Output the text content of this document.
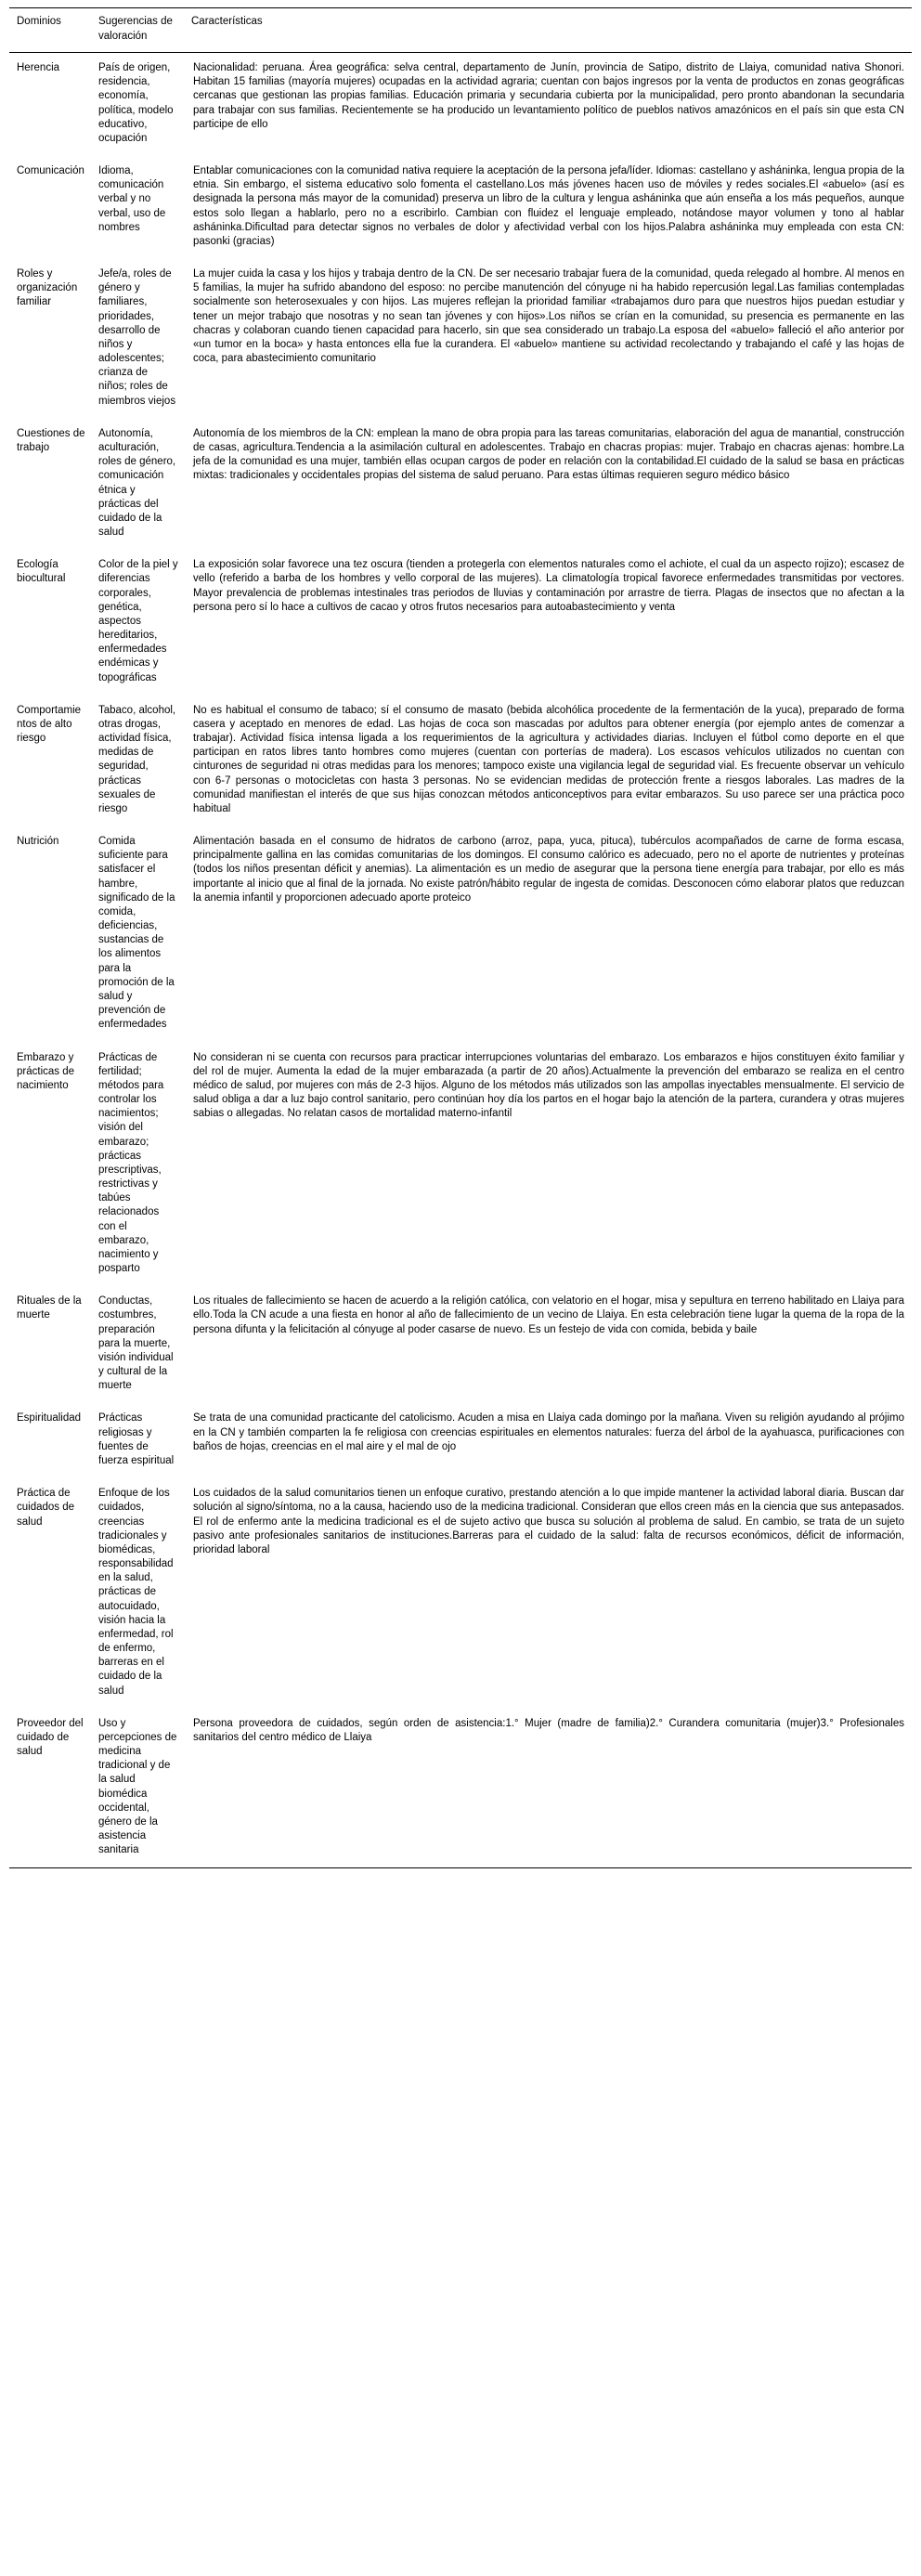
Dominios	Sugerencias de valoración	Características
Herencia	País de origen, residencia, economía, política, modelo educativo, ocupación	Nacionalidad: peruana. Área geográfica: selva central, departamento de Junín, provincia de Satipo, distrito de Llaiya, comunidad nativa Shonori. Habitan 15 familias (mayoría mujeres) ocupadas en la actividad agraria; cuentan con bajos ingresos por la venta de productos en zonas geográficas cercanas que gestionan las propias familias. Educación primaria y secundaria cubierta por la municipalidad, pero pronto abandonan la secundaria para trabajar con sus familias. Recientemente se ha producido un levantamiento político de pueblos nativos amazónicos en el país sin que esta CN participe de ello
Comunicación	Idioma, comunicación verbal y no verbal, uso de nombres	Entablar comunicaciones con la comunidad nativa requiere la aceptación de la persona jefa/líder. Idiomas: castellano y asháninka, lengua propia de la etnia. Sin embargo, el sistema educativo solo fomenta el castellano.Los más jóvenes hacen uso de móviles y redes sociales.El «abuelo» (así es designada la persona más mayor de la comunidad) preserva un libro de la cultura y lengua asháninka que aún enseña a los más pequeños, aunque estos solo llegan a hablarlo, pero no a escribirlo. Cambian con fluidez el lenguaje empleado, notándose mayor volumen y tono al hablar asháninka.Dificultad para detectar signos no verbales de dolor y afectividad verbal con los hijos.Palabra asháninka muy empleada con esta CN: pasonki (gracias)
Roles y organización familiar	Jefe/a, roles de género y familiares, prioridades, desarrollo de niños y adolescentes; crianza de niños; roles de miembros viejos	La mujer cuida la casa y los hijos y trabaja dentro de la CN. De ser necesario trabajar fuera de la comunidad, queda relegado al hombre. Al menos en 5 familias, la mujer ha sufrido abandono del esposo: no percibe manutención del cónyuge ni ha habido repercusión legal.Las familias contempladas socialmente son heterosexuales y con hijos. Las mujeres reflejan la prioridad familiar «trabajamos duro para que nuestros hijos puedan estudiar y tener un mejor trabajo que nosotras y no sean tan jóvenes y con hijos».Los niños se crían en la comunidad, su presencia es permanente en las chacras y colaboran cuando tienen capacidad para hacerlo, sin que sea considerado un trabajo.La esposa del «abuelo» falleció el año anterior por «un tumor en la boca» y hasta entonces ella fue la curandera. El «abuelo» mantiene su actividad recolectando y trabajando el café y las hojas de coca, para abastecimiento comunitario
Cuestiones de trabajo	Autonomía, aculturación, roles de género, comunicación étnica y prácticas del cuidado de la salud	Autonomía de los miembros de la CN: emplean la mano de obra propia para las tareas comunitarias, elaboración del agua de manantial, construcción de casas, agricultura.Tendencia a la asimilación cultural en adolescentes. Trabajo en chacras propias: mujer. Trabajo en chacras ajenas: hombre.La jefa de la comunidad es una mujer, también ellas ocupan cargos de poder en relación con la contabilidad.El cuidado de la salud se basa en prácticas mixtas: tradicionales y occidentales propias del sistema de salud peruano. Para estas últimas requieren seguro médico básico
Ecología biocultural	Color de la piel y diferencias corporales, genética, aspectos hereditarios, enfermedades endémicas y topográficas	La exposición solar favorece una tez oscura (tienden a protegerla con elementos naturales como el achiote, el cual da un aspecto rojizo); escasez de vello (referido a barba de los hombres y vello corporal de las mujeres). La climatología tropical favorece enfermedades transmitidas por vectores. Mayor prevalencia de problemas intestinales tras periodos de lluvias y contaminación por arrastre de tierra. Plagas de insectos que no afectan a la persona pero sí lo hace a cultivos de cacao y otros frutos necesarios para autoabastecimiento y venta
Comportamientos de alto riesgo	Tabaco, alcohol, otras drogas, actividad física, medidas de seguridad, prácticas sexuales de riesgo	No es habitual el consumo de tabaco; sí el consumo de masato (bebida alcohólica procedente de la fermentación de la yuca), preparado de forma casera y aceptado en menores de edad. Las hojas de coca son mascadas por adultos para obtener energía (por ejemplo antes de comenzar a trabajar). Actividad física intensa ligada a los requerimientos de la agricultura y actividades diarias. Incluyen el fútbol como deporte en el que participan en ratos libres tanto hombres como mujeres (cuentan con porterías de madera). Los escasos vehículos utilizados no cuentan con cinturones de seguridad ni otras medidas para los menores; tampoco existe una vigilancia legal de seguridad vial. Es frecuente observar un vehículo con 6-7 personas o motocicletas con hasta 3 personas. No se evidencian medidas de protección frente a riesgos laborales. Las madres de la comunidad manifiestan el interés de que sus hijas conozcan métodos anticonceptivos para evitar embarazos. Su uso parece ser una práctica poco habitual
Nutrición	Comida suficiente para satisfacer el hambre, significado de la comida, deficiencias, sustancias de los alimentos para la promoción de la salud y prevención de enfermedades	Alimentación basada en el consumo de hidratos de carbono (arroz, papa, yuca, pituca), tubérculos acompañados de carne de forma escasa, principalmente gallina en las comidas comunitarias de los domingos. El consumo calórico es adecuado, pero no el aporte de nutrientes y proteínas (todos los niños presentan déficit y anemias). La alimentación es un medio de asegurar que la persona tiene energía para trabajar, por ello es más importante al inicio que al final de la jornada. No existe patrón/hábito regular de ingesta de comidas. Desconocen cómo elaborar platos que reduzcan la anemia infantil y proporcionen adecuado aporte proteico
Embarazo y prácticas de nacimiento	Prácticas de fertilidad; métodos para controlar los nacimientos; visión del embarazo; prácticas prescriptivas, restrictivas y tabúes relacionados con el embarazo, nacimiento y posparto	No consideran ni se cuenta con recursos para practicar interrupciones voluntarias del embarazo. Los embarazos e hijos constituyen éxito familiar y del rol de mujer. Aumenta la edad de la mujer embarazada (a partir de 20 años).Actualmente la prevención del embarazo se realiza en el centro médico de salud, por mujeres con más de 2-3 hijos. Alguno de los métodos más utilizados son las ampollas inyectables mensualmente. El servicio de salud obliga a dar a luz bajo control sanitario, pero continúan hoy día los partos en el hogar bajo la atención de la partera, curandera y otras mujeres sabias o allegadas. No relatan casos de mortalidad materno-infantil
Rituales de la muerte	Conductas, costumbres, preparación para la muerte, visión individual y cultural de la muerte	Los rituales de fallecimiento se hacen de acuerdo a la religión católica, con velatorio en el hogar, misa y sepultura en terreno habilitado en Llaiya para ello.Toda la CN acude a una fiesta en honor al año de fallecimiento de un vecino de Llaiya. En esta celebración tiene lugar la quema de la ropa de la persona difunta y la felicitación al cónyuge al poder casarse de nuevo. Es un festejo de vida con comida, bebida y baile
Espiritualidad	Prácticas religiosas y fuentes de fuerza espiritual	Se trata de una comunidad practicante del catolicismo. Acuden a misa en Llaiya cada domingo por la mañana. Viven su religión ayudando al prójimo en la CN y también comparten la fe religiosa con creencias espirituales en elementos naturales: fuerza del árbol de la ayahuasca, purificaciones con baños de hojas, creencias en el mal aire y el mal de ojo
Práctica de cuidados de salud	Enfoque de los cuidados, creencias tradicionales y biomédicas, responsabilidad en la salud, prácticas de autocuidado, visión hacia la enfermedad, rol de enfermo, barreras en el cuidado de la salud	Los cuidados de la salud comunitarios tienen un enfoque curativo, prestando atención a lo que impide mantener la actividad laboral diaria. Buscan dar solución al signo/síntoma, no a la causa, haciendo uso de la medicina tradicional. Consideran que ellos creen más en la ciencia que sus antepasados. El rol de enfermo ante la medicina tradicional es el de sujeto activo que busca su solución al problema de salud. En cambio, se trata de un sujeto pasivo ante profesionales sanitarios de instituciones.Barreras para el cuidado de la salud: falta de recursos económicos, déficit de información, prioridad laboral
Proveedor del cuidado de salud	Uso y percepciones de medicina tradicional y de la salud biomédica occidental, género de la asistencia sanitaria	Persona proveedora de cuidados, según orden de asistencia:1.° Mujer (madre de familia)2.° Curandera comunitaria (mujer)3.° Profesionales sanitarios del centro médico de Llaiya
